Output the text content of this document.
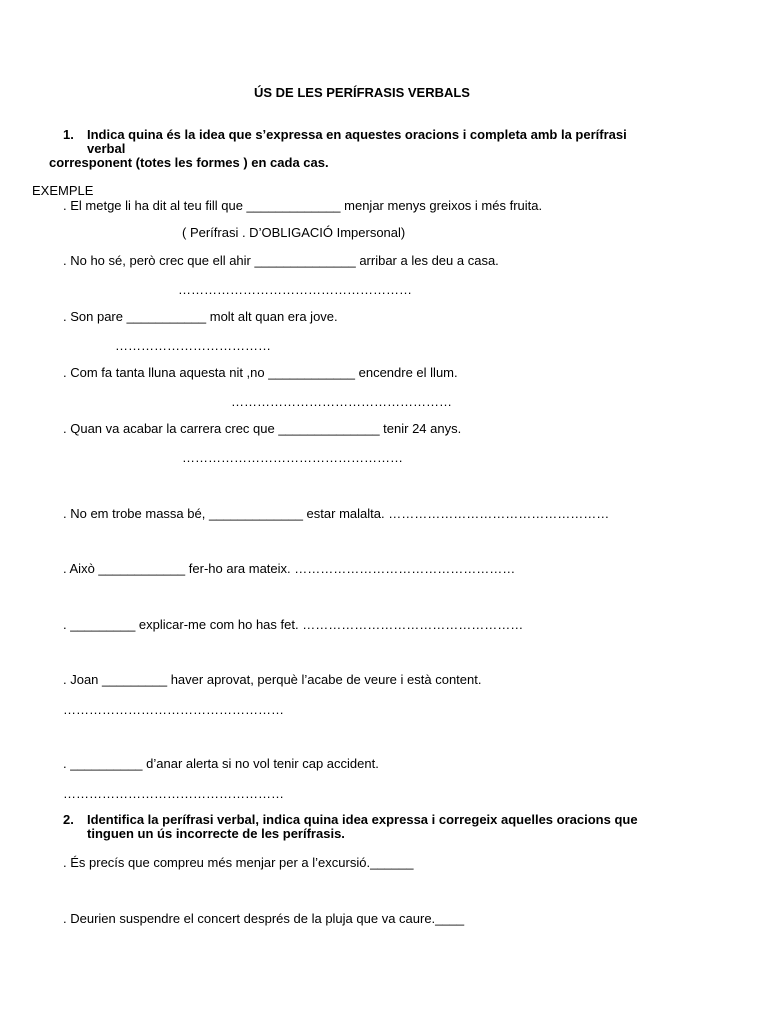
ÚS DE LES PERÍFRASIS VERBALS
1. Indica quina és la idea que s’expressa en aquestes oracions i completa amb la perífrasi
verbal
corresponent (totes les formes ) en cada cas.
EXEMPLE
. El metge li ha dit al teu fill que _____________ menjar menys greixos i més fruita.
( Perífrasi . D’OBLIGACIÓ Impersonal)
. No ho sé, però crec que ell ahir ______________ arribar a les deu a casa.
………………………………………………
. Son pare ___________ molt alt quan era jove.
………………………………
. Com fa tanta lluna aquesta nit ,no ____________ encendre el llum.
……………………………………………
. Quan va acabar la carrera crec que ______________ tenir 24 anys.
……………………………………………
. No em trobe massa bé, _____________ estar malalta. ……………………………………………
. Això ____________ fer-ho ara mateix. ……………………………………………
. _________ explicar-me com ho has fet. ……………………………………………
. Joan _________ haver aprovat, perquè l’acabe de veure i està content.
……………………………………………
. __________ d’anar alerta si no vol tenir cap accident.
……………………………………………
2. Identifica la perífrasi verbal, indica quina idea expressa i corregeix aquelles oracions que
tinguen un ús incorrecte de les perífrasis.
. És precís que compreu més menjar per a l’excursió.______
. Deurien suspendre el concert després de la pluja que va caure.____
